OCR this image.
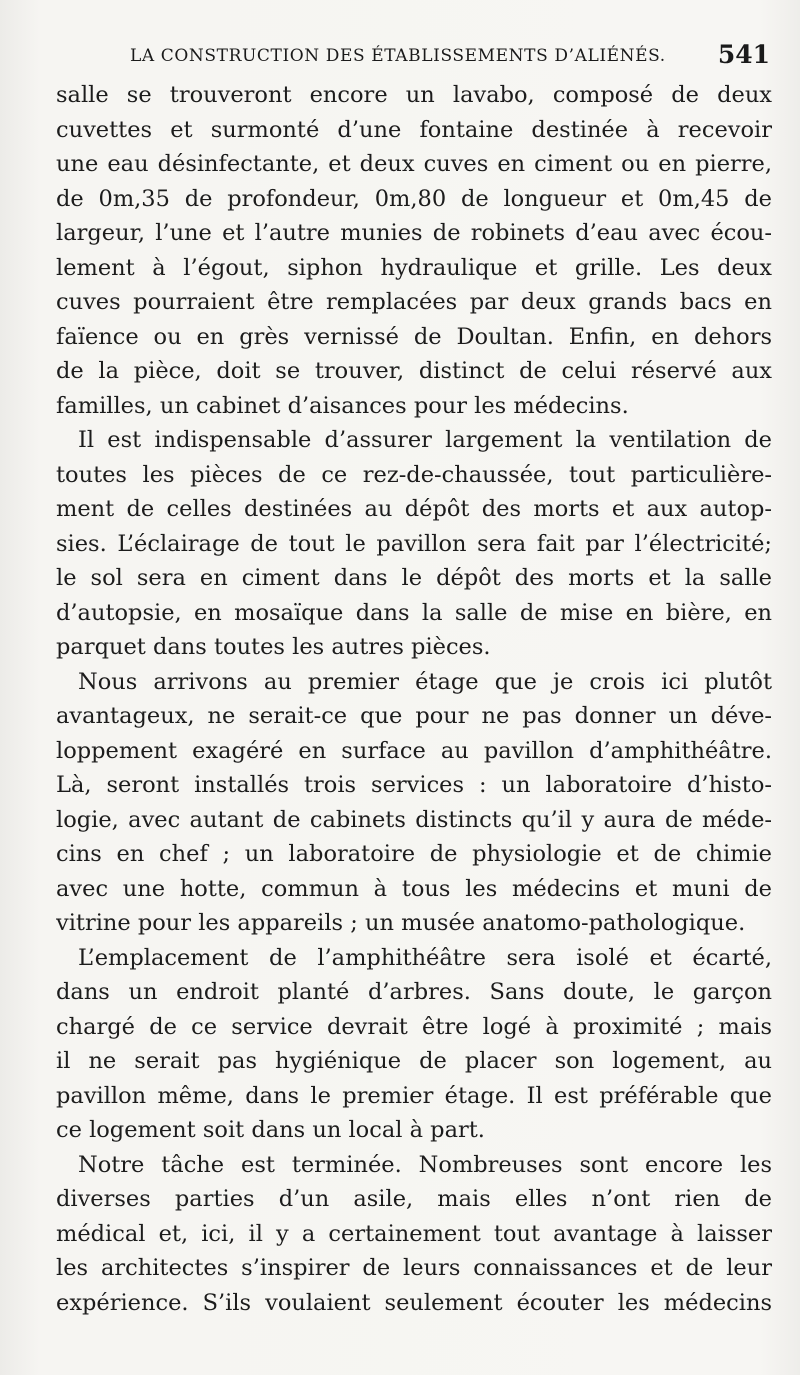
LA CONSTRUCTION DES ÉTABLISSEMENTS D’ALIÉNÉS. 541
salle se trouveront encore un lavabo, composé de deux
cuvettes et surmonté d’une fontaine destinée à recevoir
une eau désinfectante, et deux cuves en ciment ou en pierre,
de 0m,35 de profondeur, 0m,80 de longueur et 0m,45 de
largeur, l’une et l’autre munies de robinets d’eau avec écou-
lement à l’égout, siphon hydraulique et grille. Les deux
cuves pourraient être remplacées par deux grands bacs en
faïence ou en grès vernissé de Doultan. Enfin, en dehors
de la pièce, doit se trouver, distinct de celui réservé aux
familles, un cabinet d’aisances pour les médecins.
Il est indispensable d’assurer largement la ventilation de
toutes les pièces de ce rez-de-chaussée, tout particulière-
ment de celles destinées au dépôt des morts et aux autop-
sies. L’éclairage de tout le pavillon sera fait par l’électricité;
le sol sera en ciment dans le dépôt des morts et la salle
d’autopsie, en mosaïque dans la salle de mise en bière, en
parquet dans toutes les autres pièces.
Nous arrivons au premier étage que je crois ici plutôt
avantageux, ne serait-ce que pour ne pas donner un déve-
loppement exagéré en surface au pavillon d’amphithéâtre.
Là, seront installés trois services : un laboratoire d’histo-
logie, avec autant de cabinets distincts qu’il y aura de méde-
cins en chef ; un laboratoire de physiologie et de chimie
avec une hotte, commun à tous les médecins et muni de
vitrine pour les appareils ; un musée anatomo-pathologique.
L’emplacement de l’amphithéâtre sera isolé et écarté,
dans un endroit planté d’arbres. Sans doute, le garçon
chargé de ce service devrait être logé à proximité ; mais
il ne serait pas hygiénique de placer son logement, au
pavillon même, dans le premier étage. Il est préférable que
ce logement soit dans un local à part.
Notre tâche est terminée. Nombreuses sont encore les
diverses parties d’un asile, mais elles n’ont rien de
médical et, ici, il y a certainement tout avantage à laisser
les architectes s’inspirer de leurs connaissances et de leur
expérience. S’ils voulaient seulement écouter les médecins
